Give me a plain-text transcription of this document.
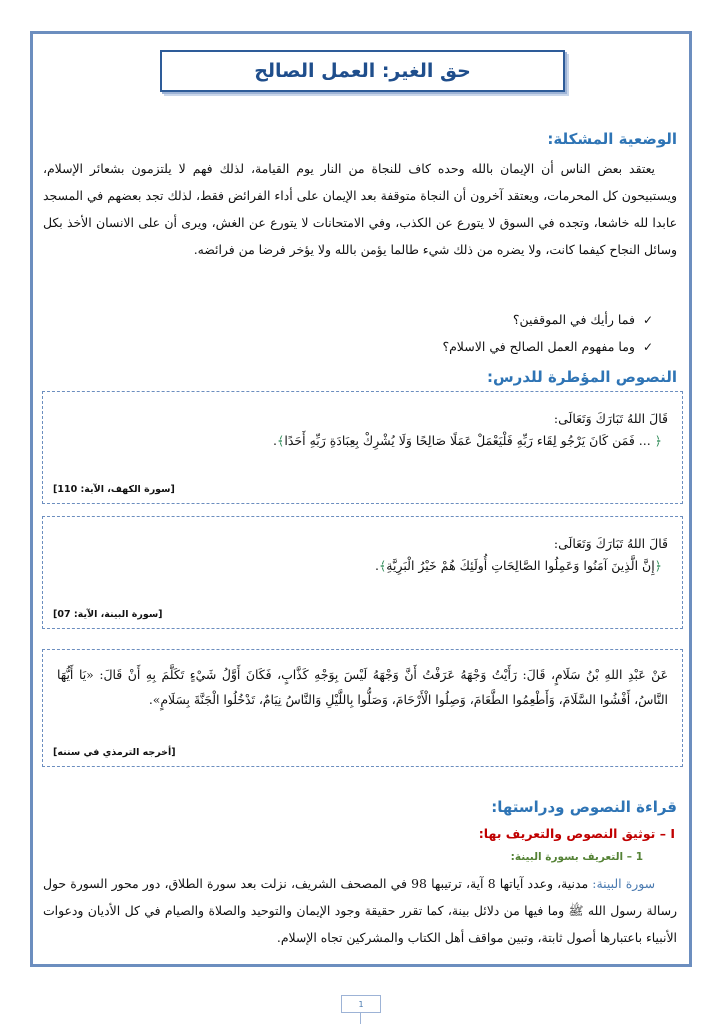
حق الغير: العمل الصالح
الوضعية المشكلة:

يعتقد بعض الناس أن الإيمان بالله وحده كاف للنجاة من النار يوم القيامة، لذلك فهم لا يلتزمون بشعائر الإسلام، ويستبيحون كل المحرمات، ويعتقد آخرون أن النجاة متوقفة بعد الإيمان على أداء الفرائض فقط، لذلك تجد بعضهم في المسجد عابدا لله خاشعا، وتجده في السوق لا يتورع عن الكذب، وفي الامتحانات لا يتورع عن الغش، ويرى أن على الانسان الأخذ بكل وسائل النجاح كيفما كانت، ولا يضره من ذلك شيء طالما يؤمن بالله ولا يؤخر فرضا من فرائضه.

✓
فما رأيك في الموقفين؟
✓
وما مفهوم العمل الصالح في الاسلام؟
النصوص المؤطرة للدرس:
قَالَ اللهُ تَبَارَكَ وَتَعَالَى:
﴿ ... فَمَن كَانَ يَرْجُو لِقَاء رَبِّهِ فَلْيَعْمَلْ عَمَلًا صَالِحًا وَلَا يُشْرِكْ بِعِبَادَةِ رَبِّهِ أَحَدًا﴾.
[سورة الكهف، الآية: 110]
قَالَ اللهُ تَبَارَكَ وَتَعَالَى:
﴿إِنَّ الَّذِينَ آمَنُوا وَعَمِلُوا الصَّالِحَاتِ أُولَئِكَ هُمْ خَيْرُ الْبَرِيَّةِ﴾.
[سورة البينة، الآية: 07]
عَنْ عَبْدِ اللهِ بْنُ سَلَامٍ، قَالَ: رَأَيْتُ وَجْهَهُ عَرَفْتُ أَنَّ وَجْهَهُ لَيْسَ بِوَجْهِ كَذَّابٍ، فَكَانَ أَوَّلُ شَيْءٍ تَكَلَّمَ بِهِ أَنْ قَالَ: «يَا أَيُّهَا النَّاسُ، أَفْشُوا السَّلَامَ، وَأَطْعِمُوا الطَّعَامَ، وَصِلُوا الْأَرْحَامَ، وَصَلُّوا بِاللَّيْلِ وَالنَّاسُ نِيَامٌ، تَدْخُلُوا الْجَنَّةَ بِسَلَامٍ».
[أخرجه الترمذي في سننه]
قراءة النصوص ودراستها:
I – توثيق النصوص والتعريف بها:
1 – التعريف بسورة البينة:

سورة البينة: مدنية، وعدد آياتها 8 آية، ترتيبها 98 في المصحف الشريف، نزلت بعد سورة الطلاق، دور محور السورة حول رسالة رسول الله ﷺ وما فيها من دلائل بينة، كما تقرر حقيقة وجود الإيمان والتوحيد والصلاة والصيام في كل الأديان ودعوات الأنبياء باعتبارها أصول ثابتة، وتبين مواقف أهل الكتاب والمشركين تجاه الإسلام.

1
